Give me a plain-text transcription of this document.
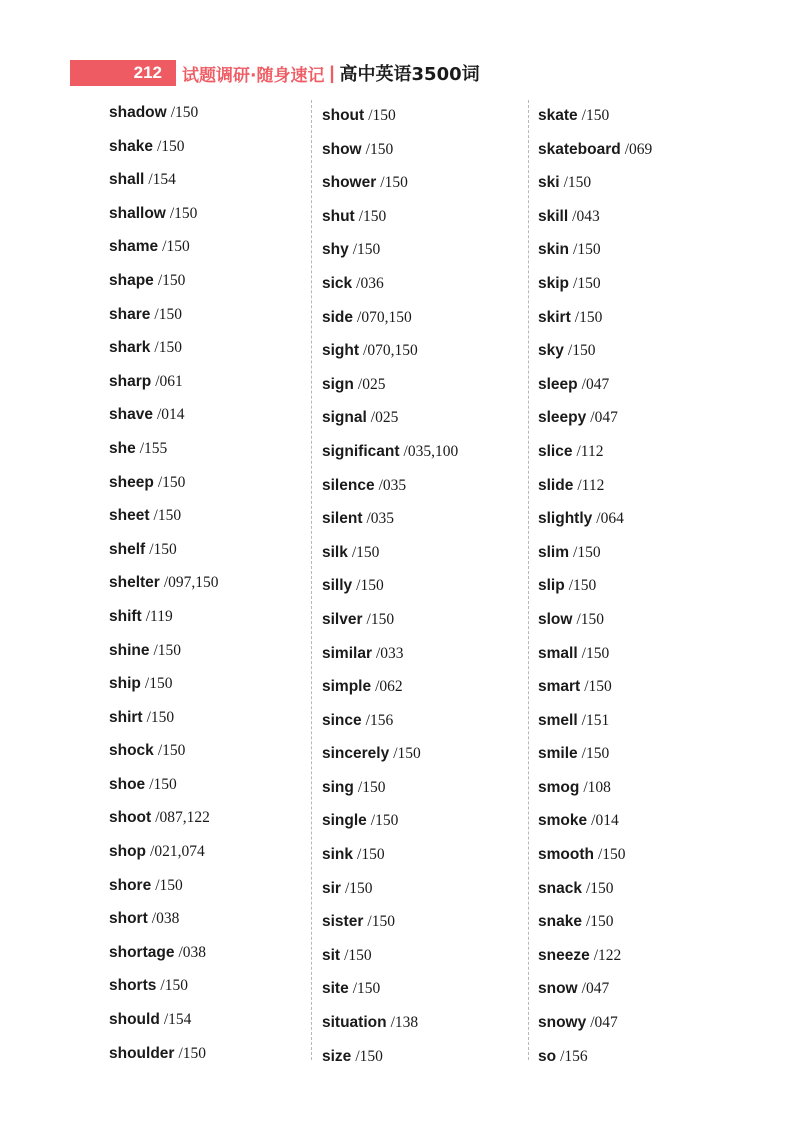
212	试题调研·随身速记 | 高中英语3500词
shadow /150
shake /150
shall /154
shallow /150
shame /150
shape /150
share /150
shark /150
sharp /061
shave /014
she /155
sheep /150
sheet /150
shelf /150
shelter /097,150
shift /119
shine /150
ship /150
shirt /150
shock /150
shoe /150
shoot /087,122
shop /021,074
shore /150
short /038
shortage /038
shorts /150
should /154
shoulder /150
shout /150
show /150
shower /150
shut /150
shy /150
sick /036
side /070,150
sight /070,150
sign /025
signal /025
significant /035,100
silence /035
silent /035
silk /150
silly /150
silver /150
similar /033
simple /062
since /156
sincerely /150
sing /150
single /150
sink /150
sir /150
sister /150
sit /150
site /150
situation /138
size /150
skate /150
skateboard /069
ski /150
skill /043
skin /150
skip /150
skirt /150
sky /150
sleep /047
sleepy /047
slice /112
slide /112
slightly /064
slim /150
slip /150
slow /150
small /150
smart /150
smell /151
smile /150
smog /108
smoke /014
smooth /150
snack /150
snake /150
sneeze /122
snow /047
snowy /047
so /156
